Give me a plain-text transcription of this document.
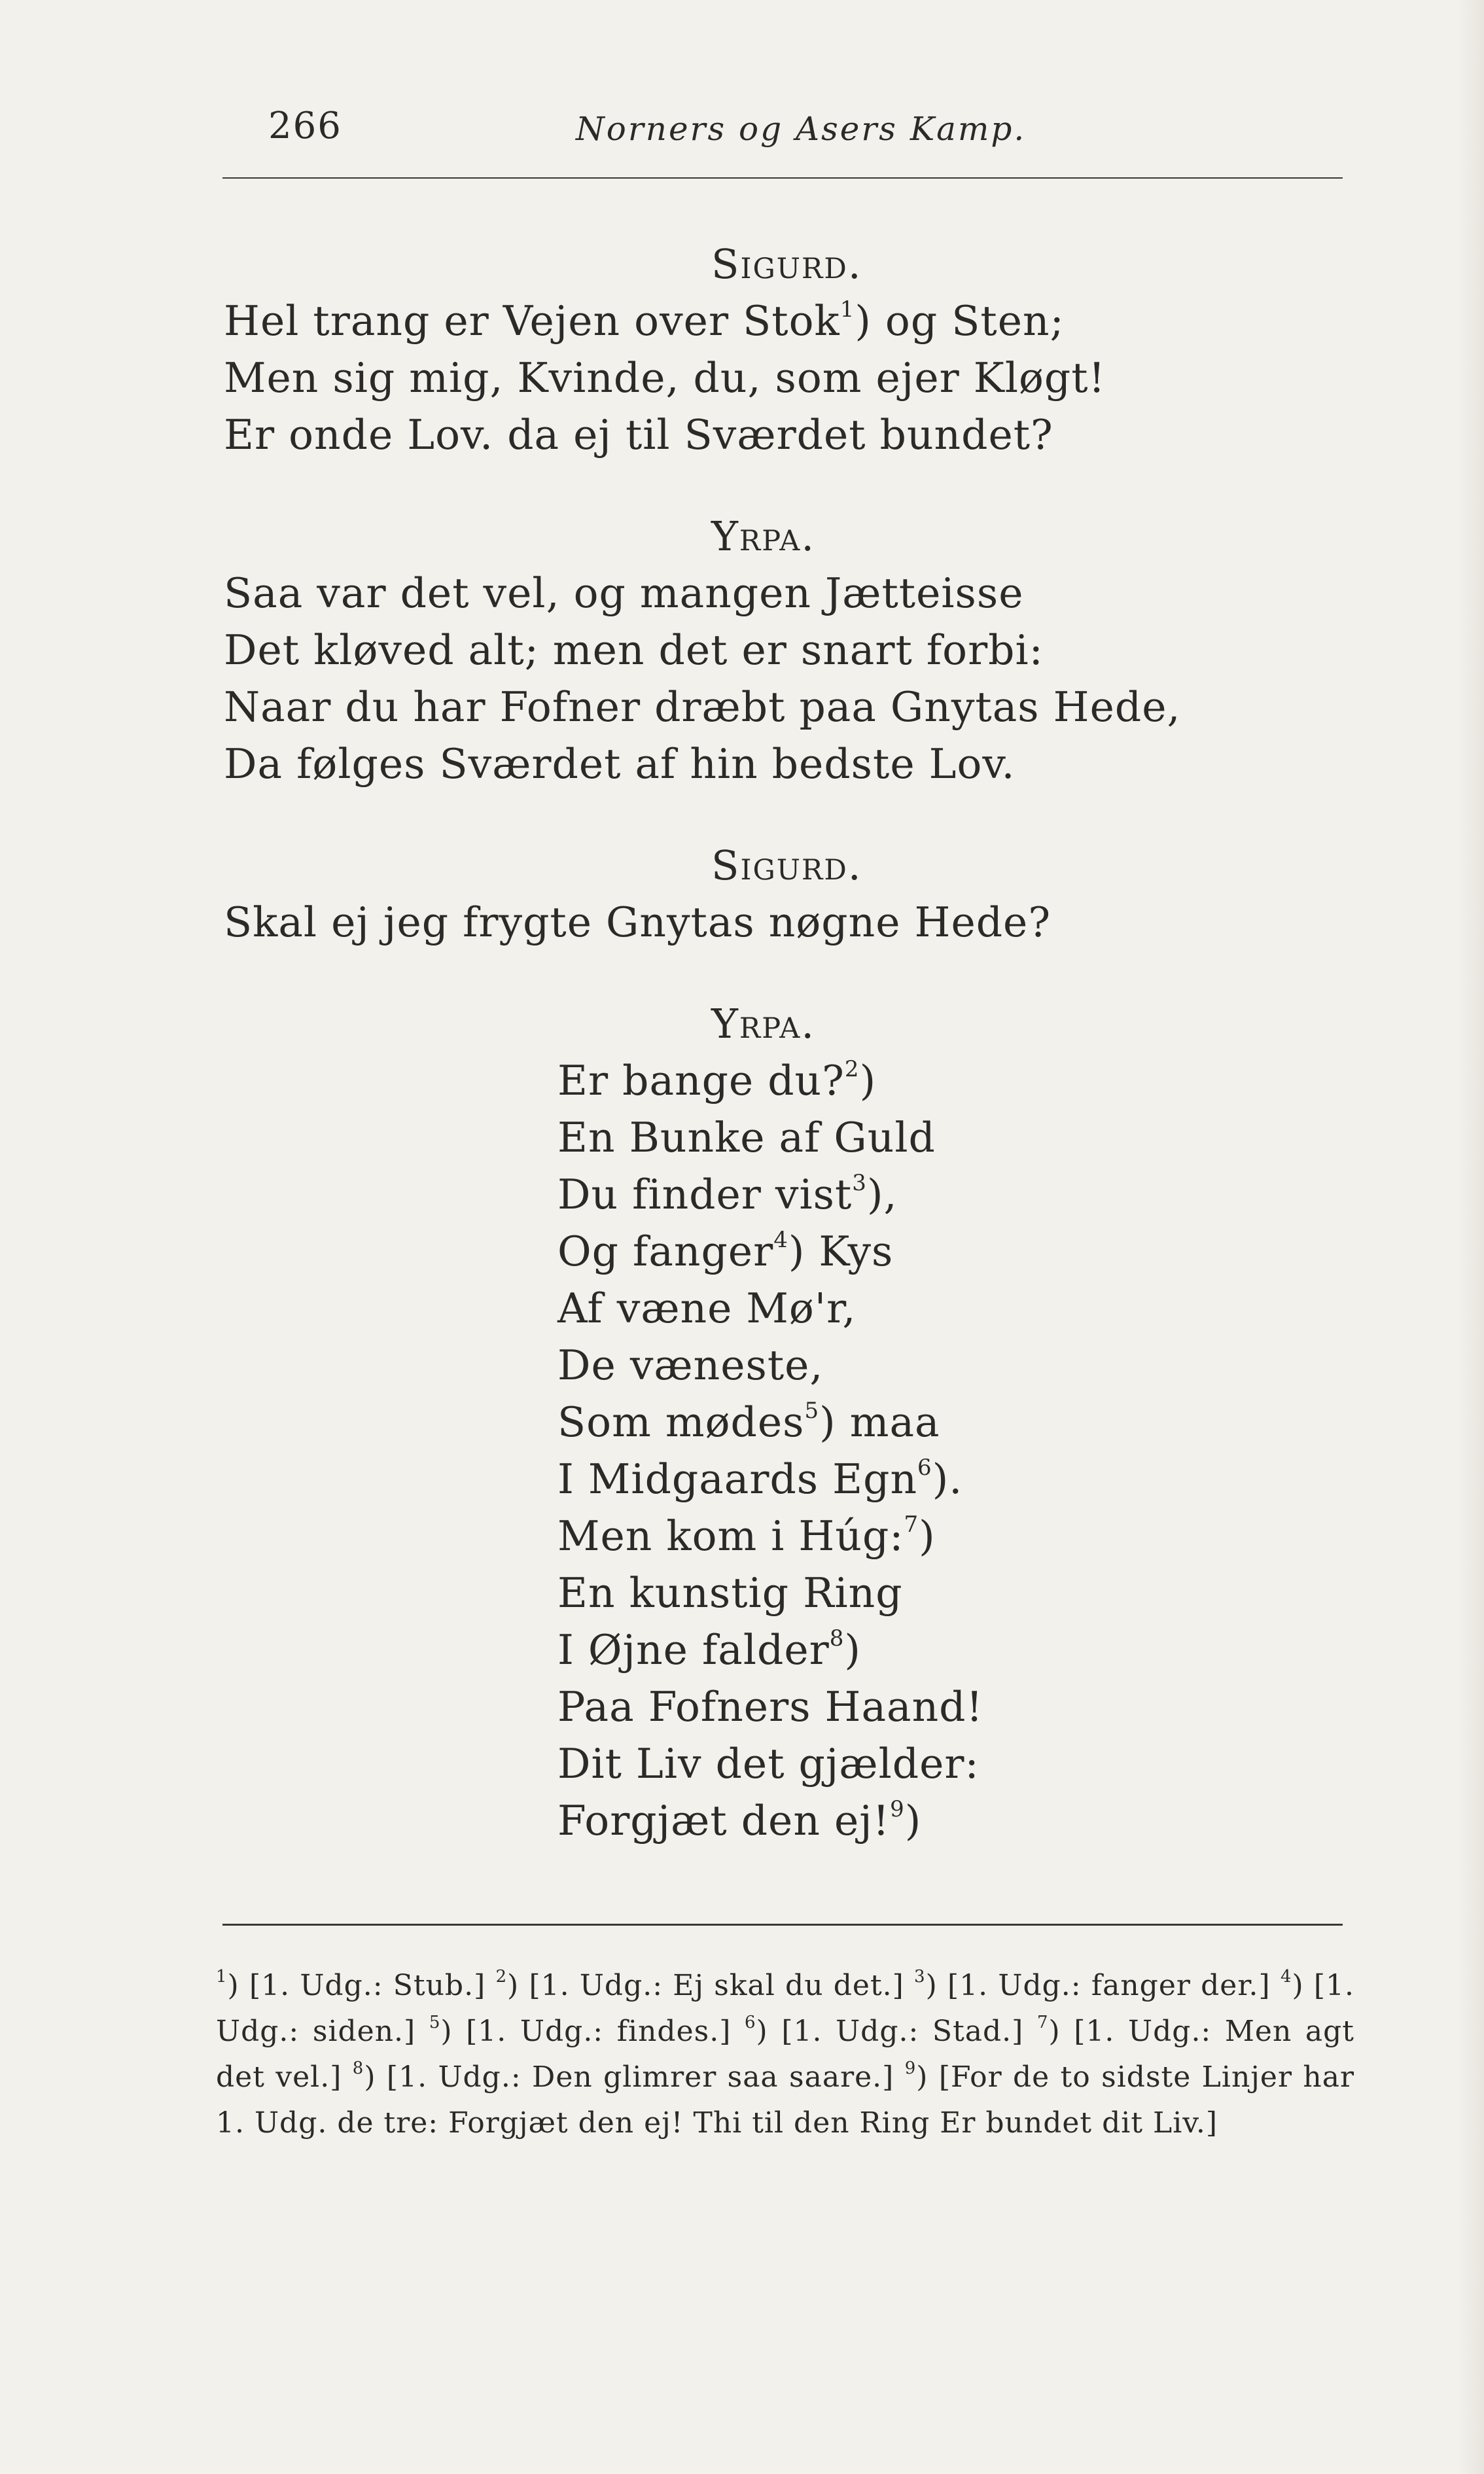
266	Norners og Asers Kamp.
Sigurd.
Hel trang er Vejen over Stok$^1$) og Sten;
Men sig mig, Kvinde, du, som ejer Kløgt!
Er onde Lov. da ej til Sværdet bundet?
Yrpa.
Saa var det vel, og mangen Jætteisse
Det kløved alt; men det er snart forbi:
Naar du har Fofner dræbt paa Gnytas Hede,
Da følges Sværdet af hin bedste Lov.
Sigurd.
Skal ej jeg frygte Gnytas nøgne Hede?
Yrpa.
Er bange du?$^2$)
En Bunke af Guld
Du finder vist$^3$),
Og fanger$^4$) Kys
Af væne Mø'r,
De væneste,
Som mødes$^5$) maa
I Midgaards Egn$^6$).
Men kom i Húg:$^7$)
En kunstig Ring
I Øjne falder$^8$)
Paa Fofners Haand!
Dit Liv det gjælder:
Forgjæt den ej!$^9$)
$^1$) [1. Udg.: Stub.] $^2$) [1. Udg.: Ej skal du det.] $^3$) [1. Udg.: fanger der.] $^4$) [1. Udg.: siden.] $^5$) [1. Udg.: findes.] $^6$) [1. Udg.: Stad.] $^7$) [1. Udg.: Men agt det vel.] $^8$) [1. Udg.: Den glimrer saa saare.] $^9$) [For de to sidste Linjer har 1. Udg. de tre: Forgjæt den ej! Thi til den Ring Er bundet dit Liv.]
